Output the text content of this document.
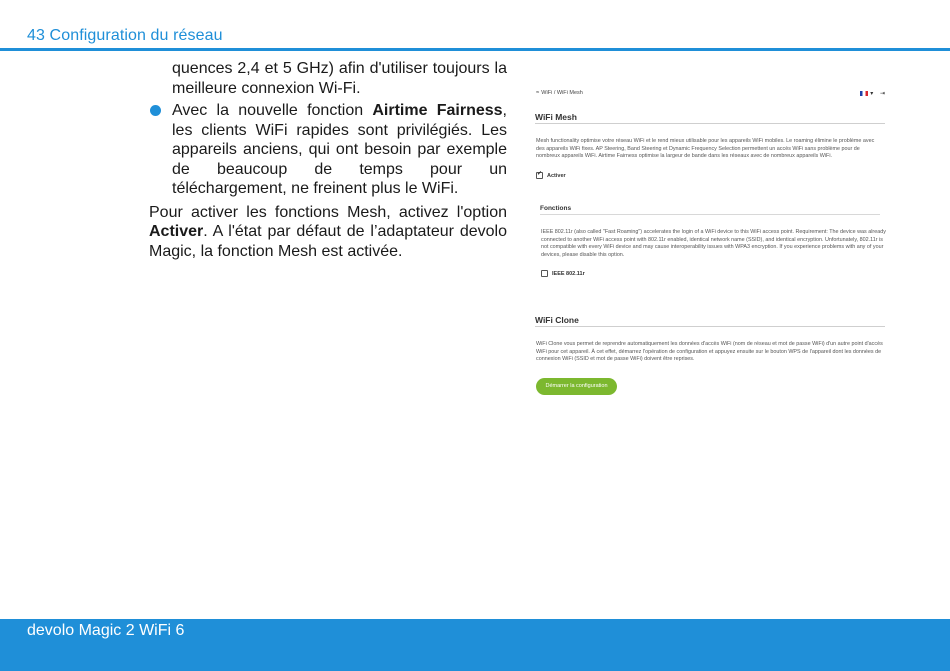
43 Configuration du réseau

quences 2,4 et 5 GHz) afin d'utiliser toujours la meilleure connexion Wi-Fi.

Avec la nouvelle fonction Airtime Fairness, les clients WiFi rapides sont privilégiés. Les appareils anciens, qui ont besoin par exemple de beaucoup de temps pour un téléchargement, ne freinent plus le WiFi.

Pour activer les fonctions Mesh, activez l'option Activer. A l'état par défaut de l’adaptateur devolo Magic, la fonction Mesh est activée.

≈ WiFi / WiFi Mesh	▾ ⇥
WiFi Mesh
Mesh functionality optimise votre réseau WiFi et le rend mieux utilisable pour les appareils WiFi mobiles. Le roaming élimine le problème avec des appareils WiFi fixes. AP Steering, Band Steering et Dynamic Frequency Selection permettent un accès WiFi sans problème pour de nombreux appareils WiFi. Airtime Fairness optimise la largeur de bande dans les réseaux avec de nombreux appareils WiFi.
✓Activer
Fonctions
IEEE 802.11r (also called "Fast Roaming") accelerates the login of a WiFi device to this WiFi access point. Requirement: The device was already connected to another WiFi access point with 802.11r enabled, identical network name (SSID), and identical encryption. Unfortunately, 802.11r is not compatible with every WiFi device and may cause interoperability issues with WPA3 encryption. If you experience problems with any of your devices, please disable this option.
IEEE 802.11r
WiFi Clone
WiFi Clone vous permet de reprendre automatiquement les données d'accès WiFi (nom de réseau et mot de passe WiFi) d'un autre point d'accès WiFi pour cet appareil. À cet effet, démarrez l'opération de configuration et appuyez ensuite sur le bouton WPS de l'appareil dont les données de connexion WiFi (SSID et mot de passe WiFi) doivent être reprises.
Démarrer la configuration
devolo Magic 2 WiFi 6
